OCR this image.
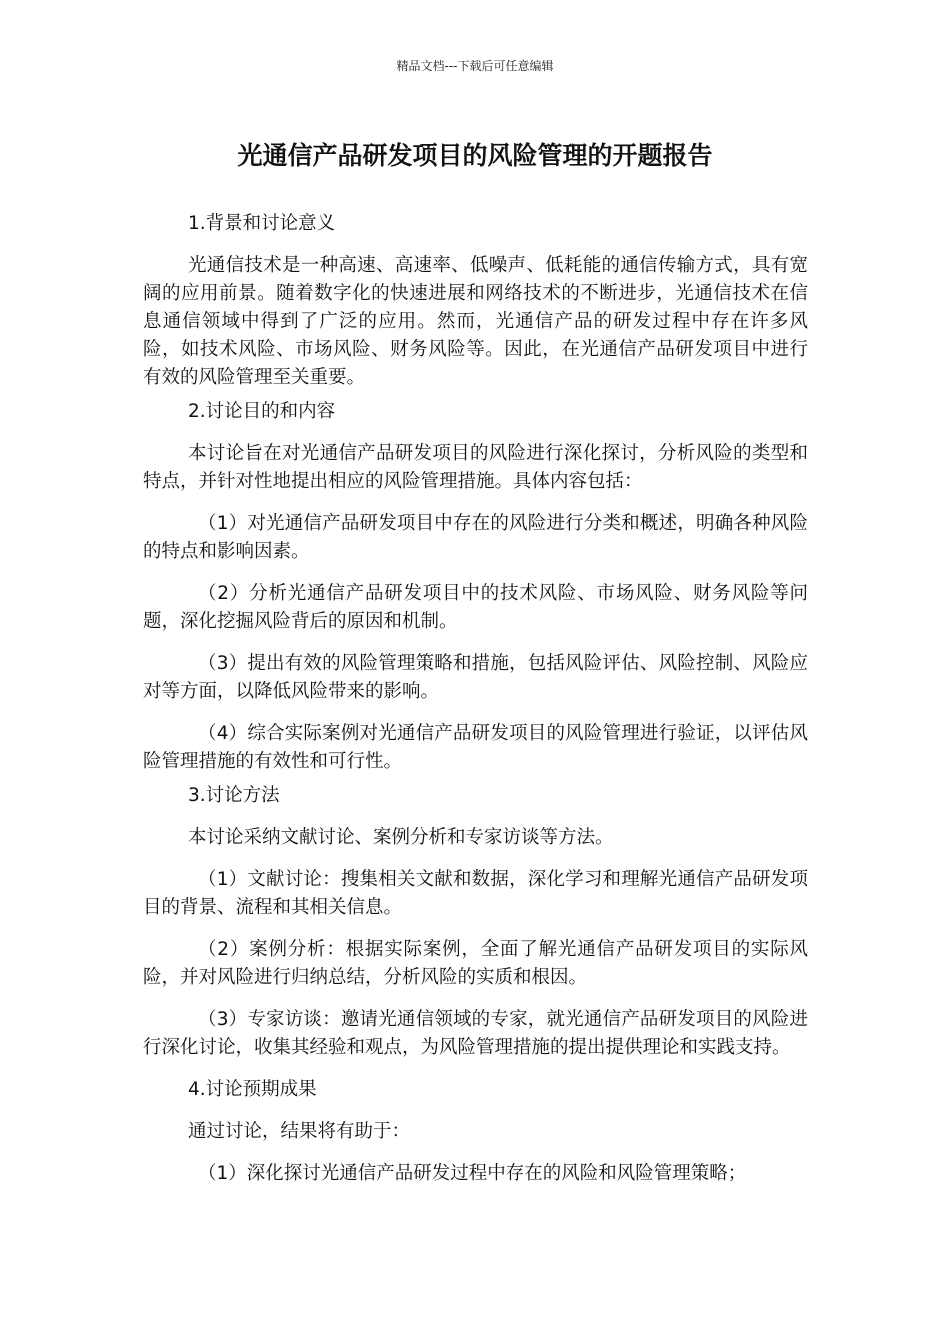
精品文档---下载后可任意编辑
光通信产品研发项目的风险管理的开题报告

1.背景和讨论意义

光通信技术是一种高速、高速率、低噪声、低耗能的通信传输方式，具有宽阔的应用前景。随着数字化的快速进展和网络技术的不断进步，光通信技术在信息通信领域中得到了广泛的应用。然而，光通信产品的研发过程中存在许多风险，如技术风险、市场风险、财务风险等。因此，在光通信产品研发项目中进行有效的风险管理至关重要。

2.讨论目的和内容

本讨论旨在对光通信产品研发项目的风险进行深化探讨，分析风险的类型和特点，并针对性地提出相应的风险管理措施。具体内容包括：

（1）对光通信产品研发项目中存在的风险进行分类和概述，明确各种风险的特点和影响因素。

（2）分析光通信产品研发项目中的技术风险、市场风险、财务风险等问题，深化挖掘风险背后的原因和机制。

（3）提出有效的风险管理策略和措施，包括风险评估、风险控制、风险应对等方面，以降低风险带来的影响。

（4）综合实际案例对光通信产品研发项目的风险管理进行验证，以评估风险管理措施的有效性和可行性。

3.讨论方法

本讨论采纳文献讨论、案例分析和专家访谈等方法。

（1）文献讨论：搜集相关文献和数据，深化学习和理解光通信产品研发项目的背景、流程和其相关信息。

（2）案例分析：根据实际案例，全面了解光通信产品研发项目的实际风险，并对风险进行归纳总结，分析风险的实质和根因。

（3）专家访谈：邀请光通信领域的专家，就光通信产品研发项目的风险进行深化讨论，收集其经验和观点，为风险管理措施的提出提供理论和实践支持。

4.讨论预期成果

通过讨论，结果将有助于：

（1）深化探讨光通信产品研发过程中存在的风险和风险管理策略；
